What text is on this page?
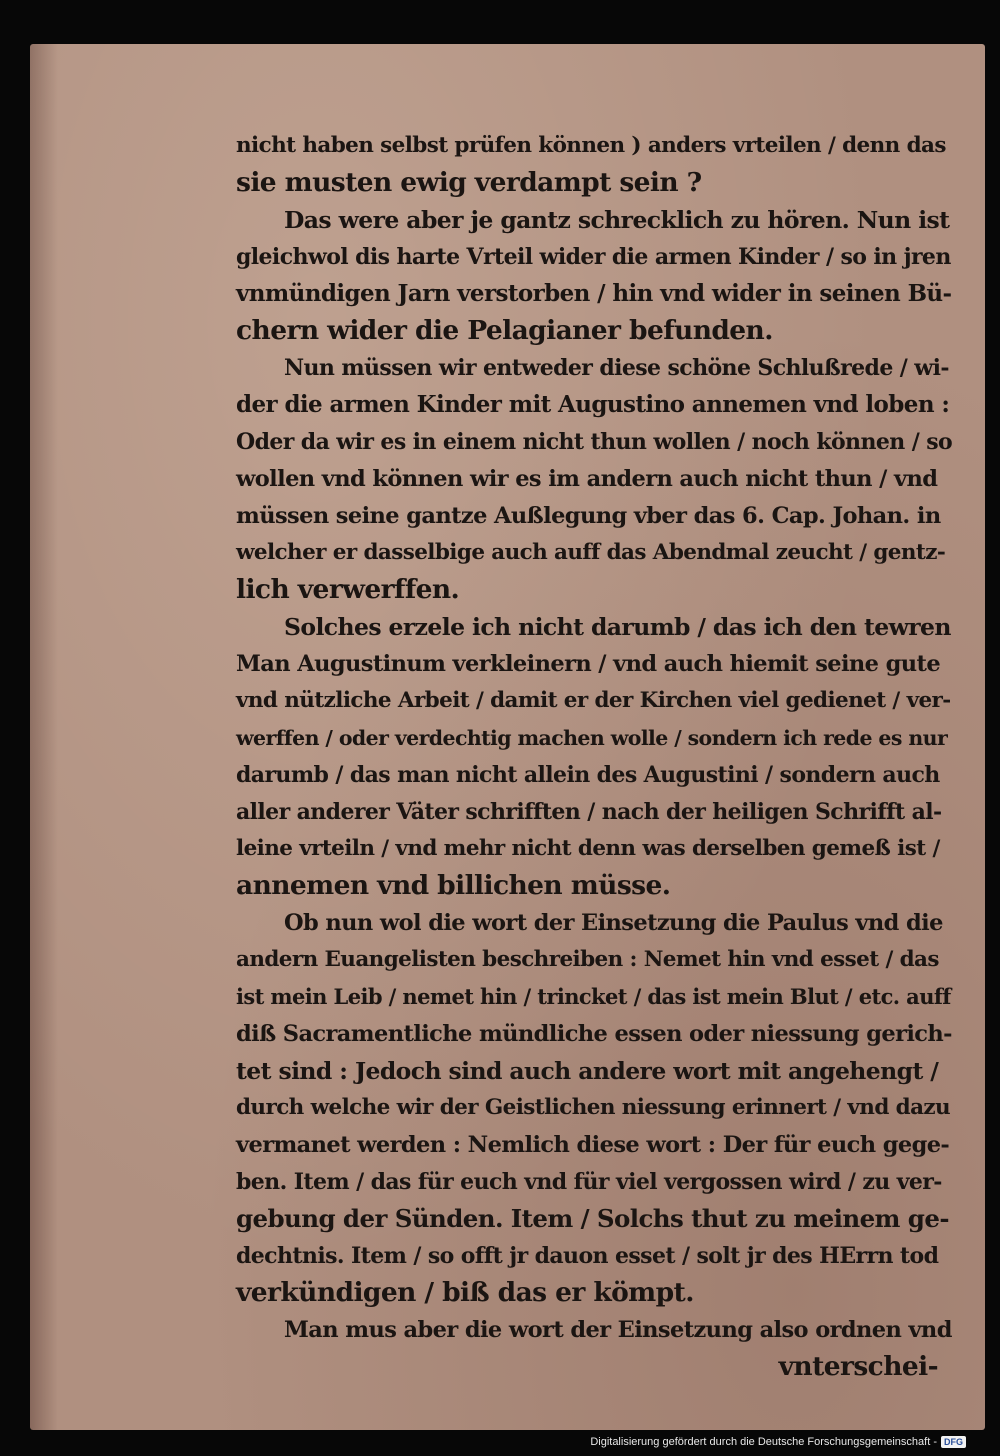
nicht haben selbst prüfen können ) anders vrteilen / denn das
sie musten ewig verdampt sein ?
Das were aber je gantz schrecklich zu hören. Nun ist
gleichwol dis harte Vrteil wider die armen Kinder / so in jren
vnmündigen Jarn verstorben / hin vnd wider in seinen Bü-
chern wider die Pelagianer befunden.
Nun müssen wir entweder diese schöne Schlußrede / wi-
der die armen Kinder mit Augustino annemen vnd loben :
Oder da wir es in einem nicht thun wollen / noch können / so
wollen vnd können wir es im andern auch nicht thun / vnd
müssen seine gantze Außlegung vber das 6. Cap. Johan. in
welcher er dasselbige auch auff das Abendmal zeucht / gentz-
lich verwerffen.
Solches erzele ich nicht darumb / das ich den tewren
Man Augustinum verkleinern / vnd auch hiemit seine gute
vnd nützliche Arbeit / damit er der Kirchen viel gedienet / ver-
werffen / oder verdechtig machen wolle / sondern ich rede es nur
darumb / das man nicht allein des Augustini / sondern auch
aller anderer Väter schrifften / nach der heiligen Schrifft al-
leine vrteiln / vnd mehr nicht denn was derselben gemeß ist /
annemen vnd billichen müsse.
Ob nun wol die wort der Einsetzung die Paulus vnd die
andern Euangelisten beschreiben : Nemet hin vnd esset / das
ist mein Leib / nemet hin / trincket / das ist mein Blut / etc. auff
diß Sacramentliche mündliche essen oder niessung gerich-
tet sind : Jedoch sind auch andere wort mit angehengt /
durch welche wir der Geistlichen niessung erinnert / vnd dazu
vermanet werden : Nemlich diese wort : Der für euch gege-
ben. Item / das für euch vnd für viel vergossen wird / zu ver-
gebung der Sünden. Item / Solchs thut zu meinem ge-
dechtnis. Item / so offt jr dauon esset / solt jr des HErrn tod
verkündigen / biß das er kömpt.
Man mus aber die wort der Einsetzung also ordnen vnd
vnterschei-
Digitalisierung gefördert durch die Deutsche Forschungsgemeinschaft - DFG
